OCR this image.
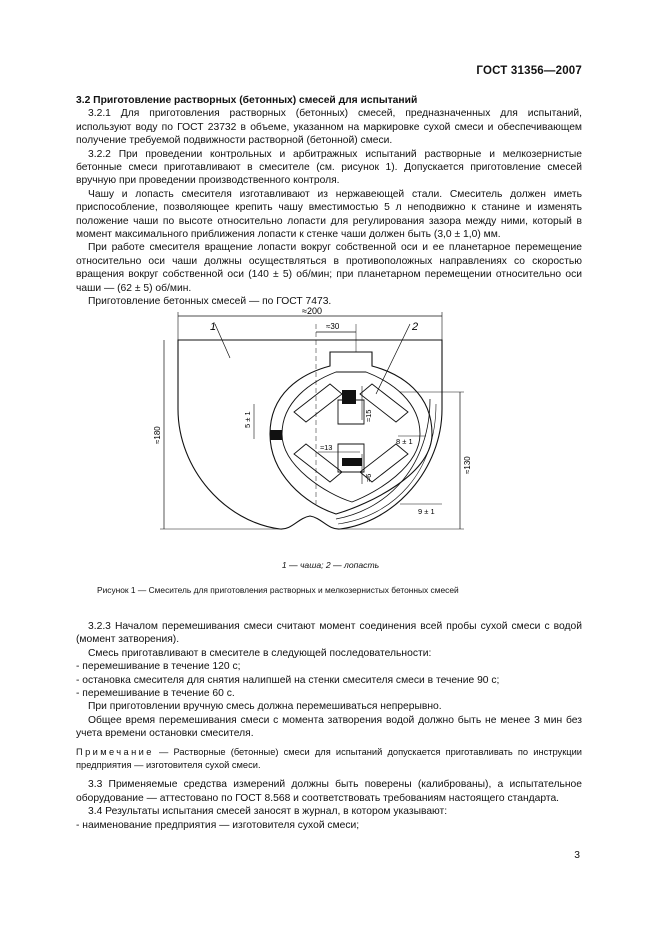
ГОСТ 31356—2007

3.2 Приготовление растворных (бетонных) смесей для испытаний

3.2.1 Для приготовления растворных (бетонных) смесей, предназначенных для испытаний, используют воду по ГОСТ 23732 в объеме, указанном на маркировке сухой смеси и обеспечивающем получение требуемой подвижности растворной (бетонной) смеси.

3.2.2 При проведении контрольных и арбитражных испытаний растворные и мелкозернистые бетонные смеси приготавливают в смесителе (см. рисунок 1). Допускается приготовление смесей вручную при проведении производственного контроля.

Чашу и лопасть смесителя изготавливают из нержавеющей стали. Смеситель должен иметь приспособление, позволяющее крепить чашу вместимостью 5 л неподвижно к станине и изменять положение чаши по высоте относительно лопасти для регулирования зазора между ними, который в момент максимального приближения лопасти к стенке чаши должен быть (3,0 ± 1,0) мм.

При работе смесителя вращение лопасти вокруг собственной оси и ее планетарное перемещение относительно оси чаши должны осуществляться в противоположных направлениях со скоростью вращения вокруг собственной оси (140 ± 5) об/мин; при планетарном перемещении относительно оси чаши — (62 ± 5) об/мин.

Приготовление бетонных смесей — по ГОСТ 7473.

1	2
≈200
≈30
≈180
≈130
5 ± 1	≈15
8 ± 1
≈13
≈6
9 ± 1
1 — чаша; 2 — лопасть
Рисунок 1 — Смеситель для приготовления растворных и мелкозернистых бетонных смесей

3.2.3 Началом перемешивания смеси считают момент соединения всей пробы сухой смеси с водой (момент затворения).

Смесь приготавливают в смесителе в следующей последовательности:

- перемешивание в течение 120 с;

- остановка смесителя для снятия налипшей на стенки смесителя смеси в течение 90 с;

- перемешивание в течение 60 с.

При приготовлении вручную смесь должна перемешиваться непрерывно.

Общее время перемешивания смеси с момента затворения водой должно быть не менее 3 мин без учета времени остановки смесителя.

Примечание — Растворные (бетонные) смеси для испытаний допускается приготавливать по инструкции предприятия — изготовителя сухой смеси.

3.3 Применяемые средства измерений должны быть поверены (калиброваны), а испытательное оборудование — аттестовано по ГОСТ 8.568 и соответствовать требованиям настоящего стандарта.

3.4 Результаты испытания смесей заносят в журнал, в котором указывают:

- наименование предприятия — изготовителя сухой смеси;

3
